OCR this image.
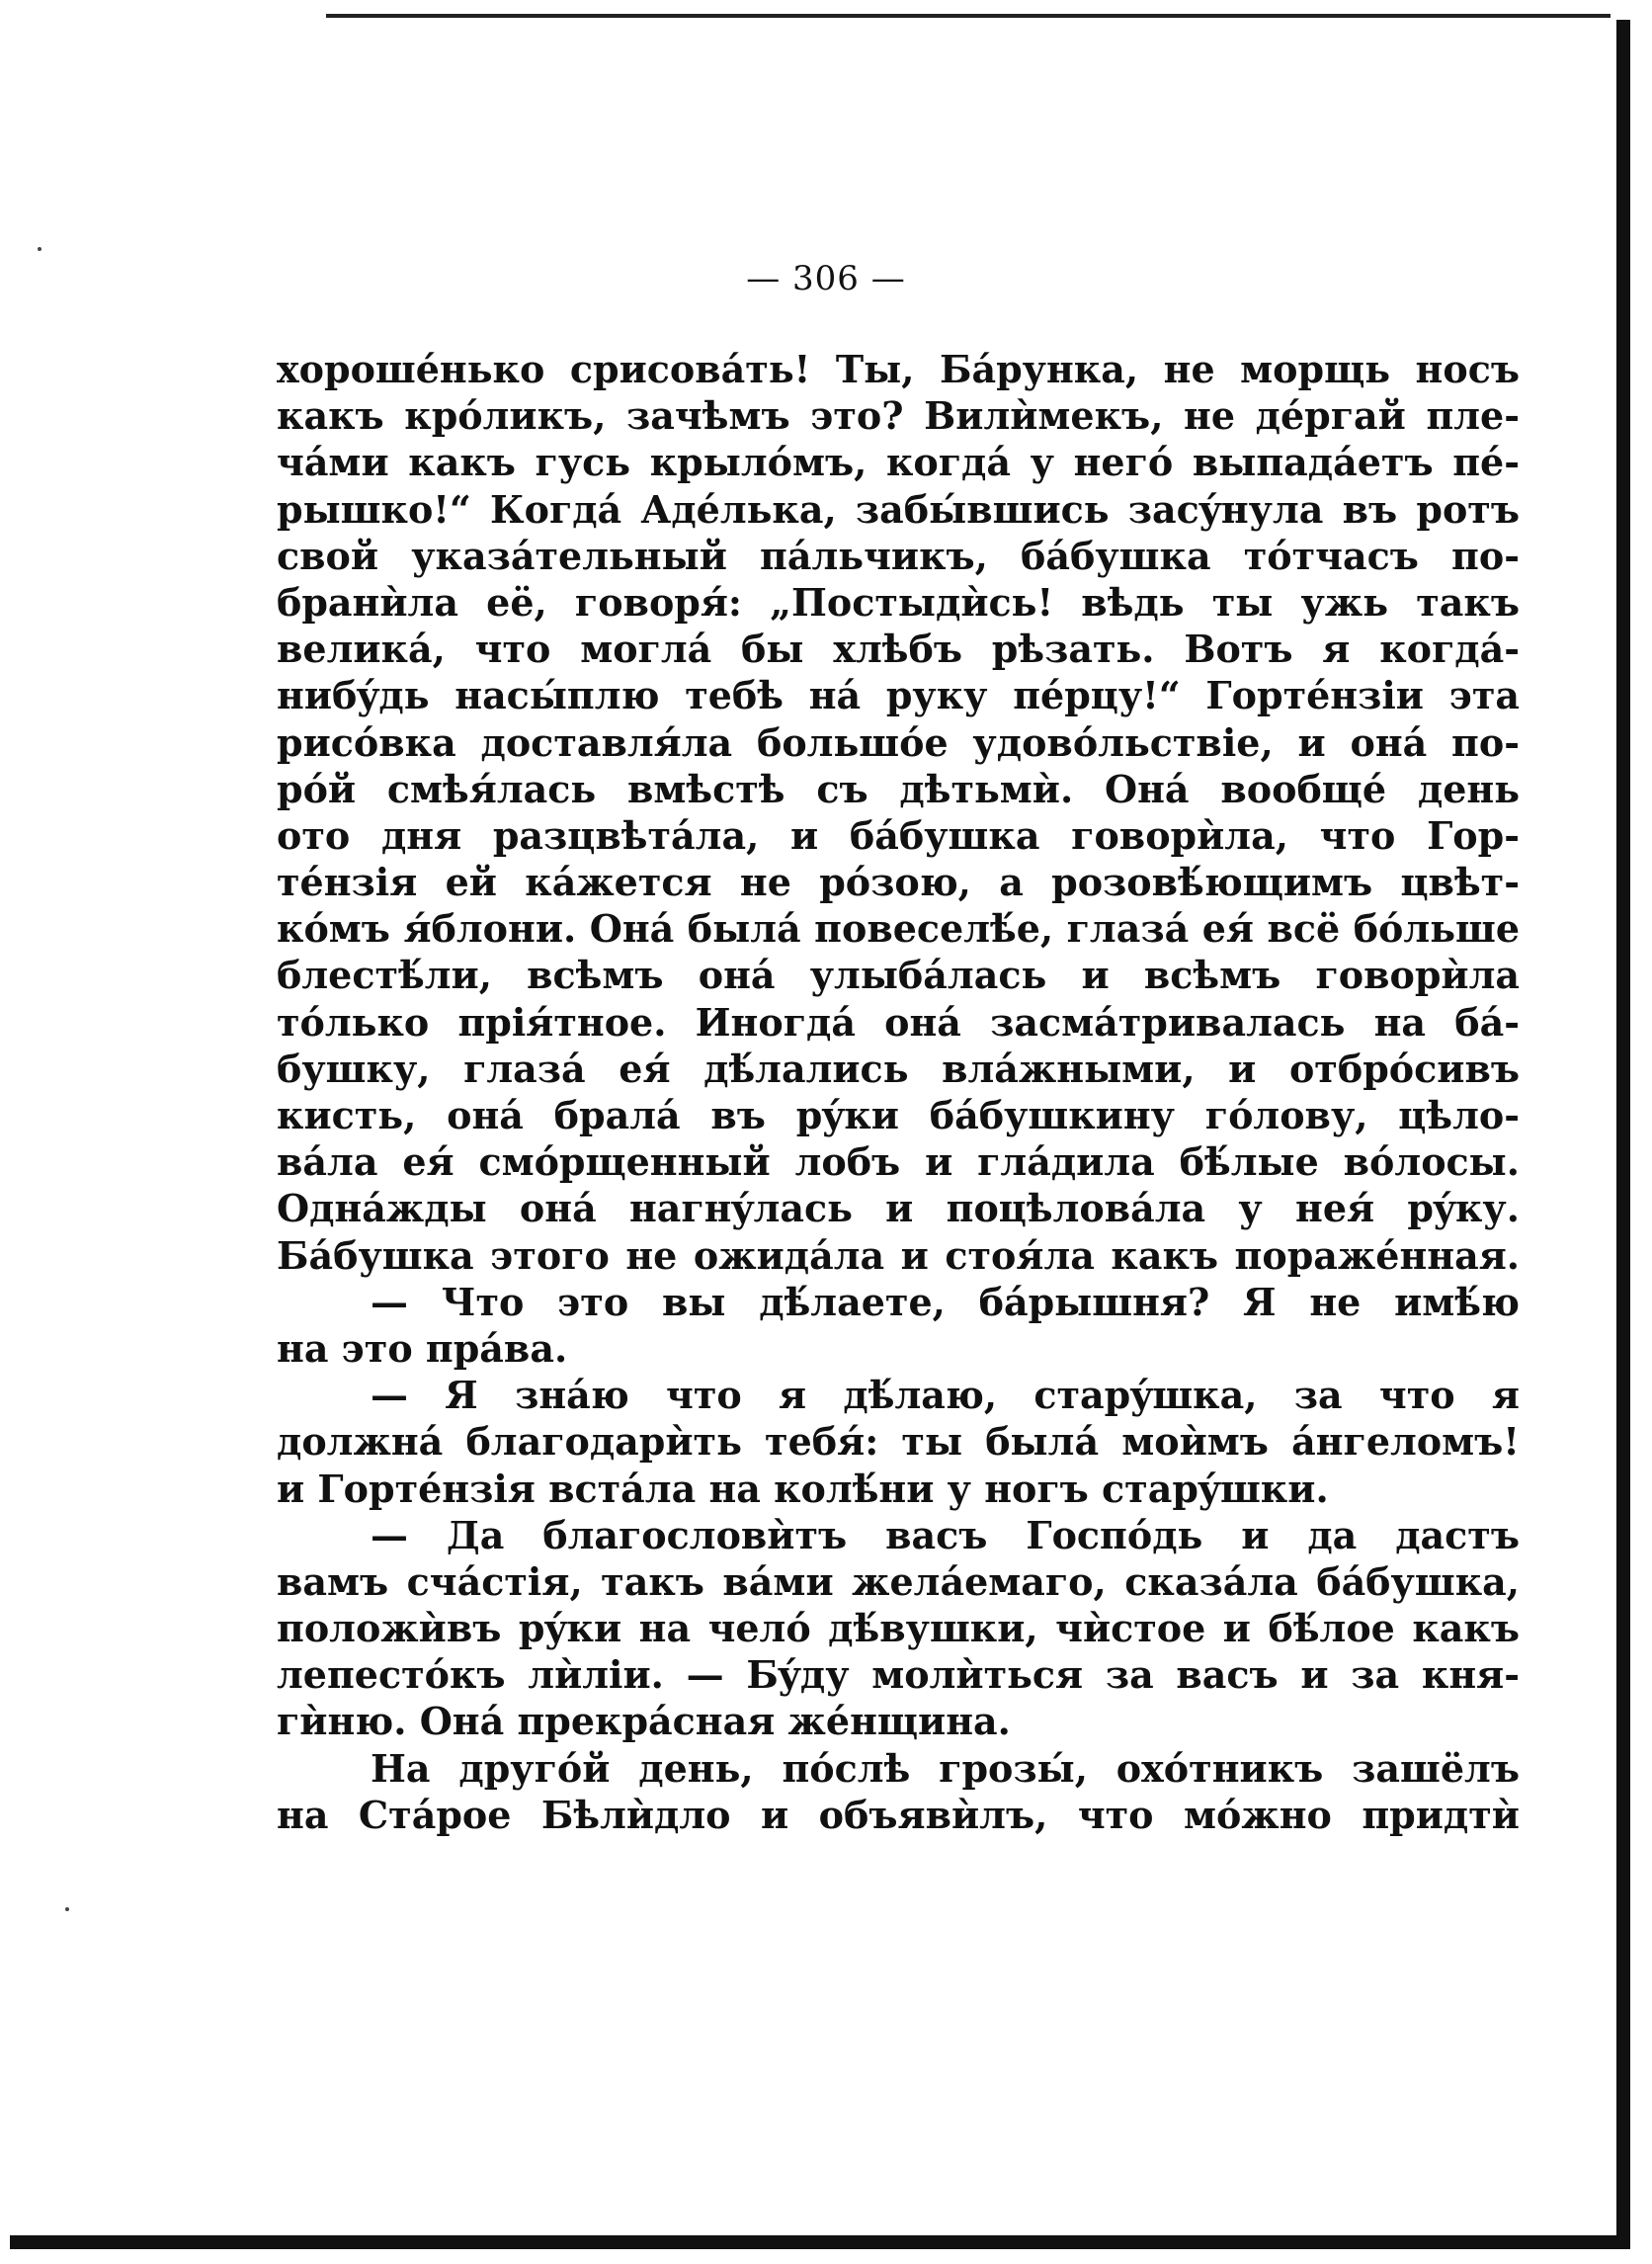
— 306 —
хорошéнько срисовáть! Ты, Бáрунка, не морщь носъ
какъ крóликъ, зачѣмъ это? Вилѝмекъ, не дéргай пле-
чáми какъ гусь крылóмъ, когдá у негó выпадáетъ пé-
рышко!“ Когдá Адéлька, забы́вшись засýнула въ ротъ
свой указáтельный пáльчикъ, бáбушка тóтчасъ по-
бранѝла её, говоря́: „Постыдѝсь! вѣдь ты ужь такъ
великá, что моглá бы хлѣбъ рѣзать. Вотъ я когдá-
нибýдь насы́плю тебѣ нá руку пéрцу!“ Гортéнзіи эта
рисóвка доставля́ла большóе удовóльствіе, и онá по-
рóй смѣя́лась вмѣстѣ съ дѣтьмѝ. Онá вообщé день
ото дня разцвѣтáла, и бáбушка говорѝла, что Гор-
тéнзія ей кáжется не рóзою, а розовѣ́ющимъ цвѣт-
кóмъ я́блони. Онá былá повеселѣ́е, глазá ея́ всё бóльше
блестѣ́ли, всѣмъ онá улыбáлась и всѣмъ говорѝла
тóлько прія́тное. Иногдá онá засмáтривалась на бá-
бушку, глазá ея́ дѣ́лались влáжными, и отбрóсивъ
кисть, онá бралá въ рýки бáбушкину гóлову, цѣло-
вáла ея́ смóрщенный лобъ и глáдила бѣ́лые вóлосы.
Однáжды онá нагнýлась и поцѣловáла у нея́ рýку.
Бáбушка этого не ожидáла и стоя́ла какъ поражéнная.
— Что это вы дѣ́лаете, бáрышня? Я не имѣ́ю
на это прáва.
— Я знáю что я дѣ́лаю, старýшка, за что я
должнá благодарѝть тебя́: ты былá моѝмъ áнгеломъ!
и Гортéнзія встáла на колѣ́ни у ногъ старýшки.
— Да благословѝтъ васъ Госпóдь и да дастъ
вамъ счáстія, такъ вáми желáемаго, сказáла бáбушка,
положѝвъ рýки на челó дѣ́вушки, чѝстое и бѣ́лое какъ
лепестóкъ лѝліи. — Бýду молѝться за васъ и за кня-
гѝню. Онá прекрáсная жéнщина.
На другóй день, пóслѣ грозы́, охóтникъ зашёлъ
на Стáрое Бѣлѝдло и объявѝлъ, что мóжно придтѝ
